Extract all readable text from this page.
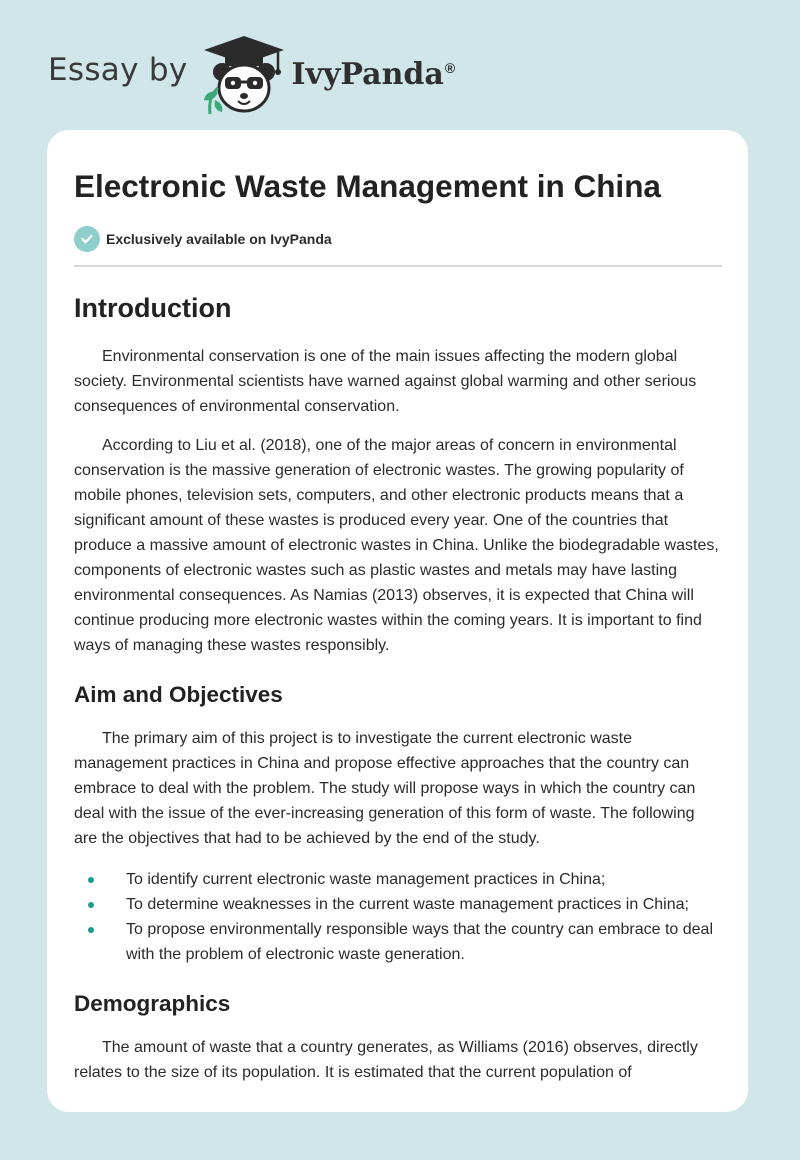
Essay by	IvyPanda®
Electronic Waste Management in China
Exclusively available on IvyPanda
Introduction

Environmental conservation is one of the main issues affecting the modern global society. Environmental scientists have warned against global warming and other serious consequences of environmental conservation.

According to Liu et al. (2018), one of the major areas of concern in environmental conservation is the massive generation of electronic wastes. The growing popularity of mobile phones, television sets, computers, and other electronic products means that a significant amount of these wastes is produced every year. One of the countries that produce a massive amount of electronic wastes in China. Unlike the biodegradable wastes, components of electronic wastes such as plastic wastes and metals may have lasting environmental consequences. As Namias (2013) observes, it is expected that China will continue producing more electronic wastes within the coming years. It is important to find ways of managing these wastes responsibly.

Aim and Objectives

The primary aim of this project is to investigate the current electronic waste management practices in China and propose effective approaches that the country can embrace to deal with the problem. The study will propose ways in which the country can deal with the issue of the ever-increasing generation of this form of waste. The following are the objectives that had to be achieved by the end of the study.

To identify current electronic waste management practices in China;
To determine weaknesses in the current waste management practices in China;
To propose environmentally responsible ways that the country can embrace to deal with the problem of electronic waste generation.
Demographics

The amount of waste that a country generates, as Williams (2016) observes, directly relates to the size of its population. It is estimated that the current population of
